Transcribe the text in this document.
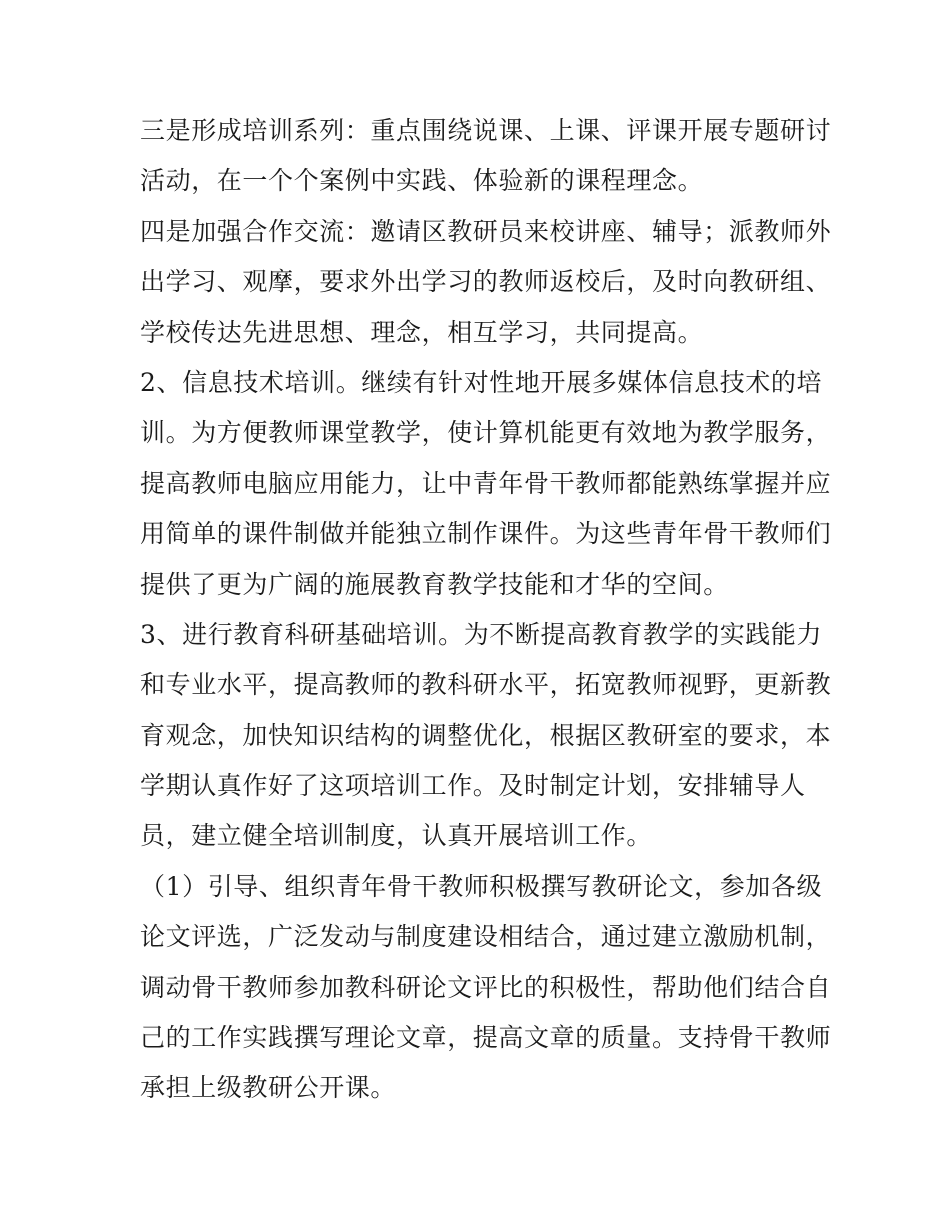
三是形成培训系列：重点围绕说课、上课、评课开展专题研讨
活动，在一个个案例中实践、体验新的课程理念。
四是加强合作交流：邀请区教研员来校讲座、辅导；派教师外
出学习、观摩，要求外出学习的教师返校后，及时向教研组、
学校传达先进思想、理念，相互学习，共同提高。
2、信息技术培训。继续有针对性地开展多媒体信息技术的培
训。为方便教师课堂教学，使计算机能更有效地为教学服务，
提高教师电脑应用能力，让中青年骨干教师都能熟练掌握并应
用简单的课件制做并能独立制作课件。为这些青年骨干教师们
提供了更为广阔的施展教育教学技能和才华的空间。
3、进行教育科研基础培训。为不断提高教育教学的实践能力
和专业水平，提高教师的教科研水平，拓宽教师视野，更新教
育观念，加快知识结构的调整优化，根据区教研室的要求，本
学期认真作好了这项培训工作。及时制定计划，安排辅导人
员，建立健全培训制度，认真开展培训工作。
（1）引导、组织青年骨干教师积极撰写教研论文，参加各级
论文评选，广泛发动与制度建设相结合，通过建立激励机制，
调动骨干教师参加教科研论文评比的积极性，帮助他们结合自
己的工作实践撰写理论文章，提高文章的质量。支持骨干教师
承担上级教研公开课。
